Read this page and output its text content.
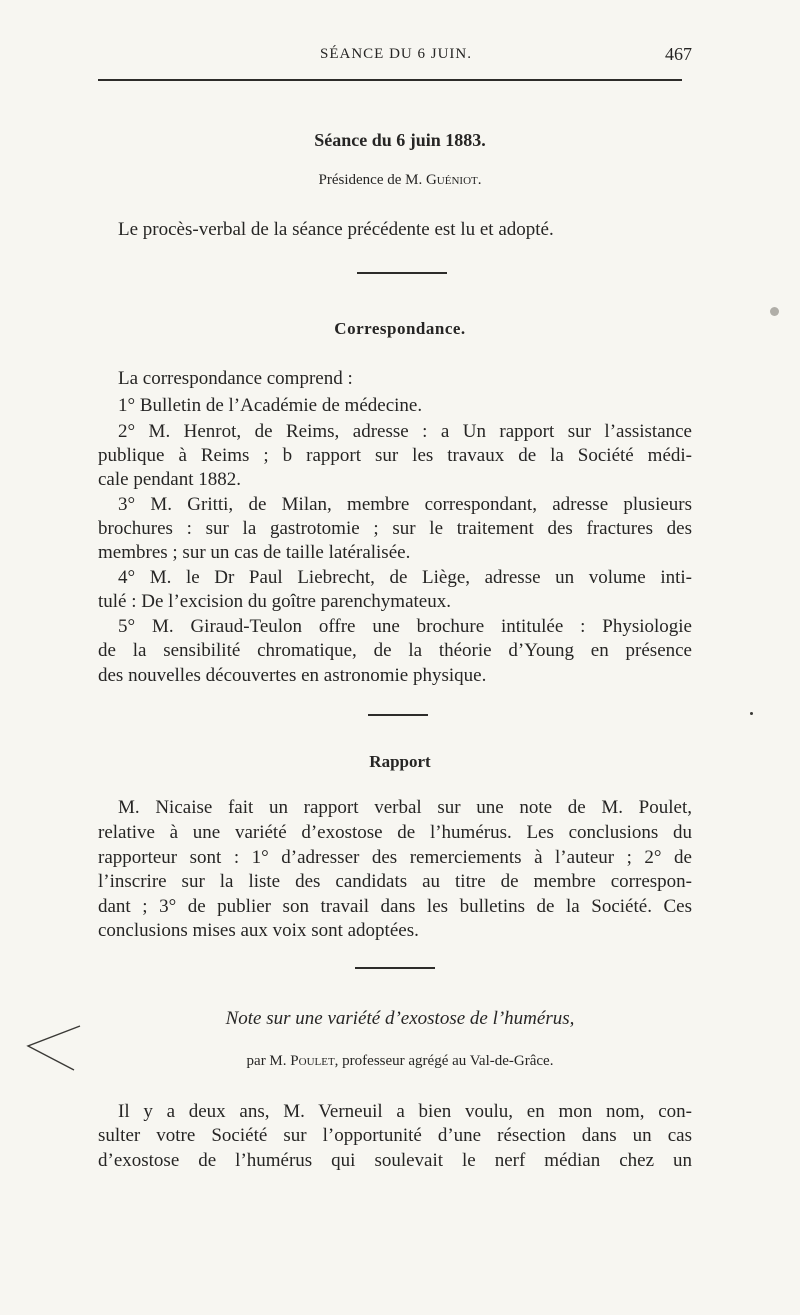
SÉANCE DU 6 JUIN.	467
Séance du 6 juin 1883.
Présidence de M. Guéniot.
Le procès-verbal de la séance précédente est lu et adopté.
Correspondance.
La correspondance comprend :
1° Bulletin de l’Académie de médecine.
2° M. Henrot, de Reims, adresse : a Un rapport sur l’assistance
publique à Reims ; b rapport sur les travaux de la Société médi-
cale pendant 1882.
3° M. Gritti, de Milan, membre correspondant, adresse plusieurs
brochures : sur la gastrotomie ; sur le traitement des fractures des
membres ; sur un cas de taille latéralisée.
4° M. le Dr Paul Liebrecht, de Liège, adresse un volume inti-
tulé : De l’excision du goître parenchymateux.
5° M. Giraud-Teulon offre une brochure intitulée : Physiologie
de la sensibilité chromatique, de la théorie d’Young en présence
des nouvelles découvertes en astronomie physique.
Rapport
M. Nicaise fait un rapport verbal sur une note de M. Poulet,
relative à une variété d’exostose de l’humérus. Les conclusions du
rapporteur sont : 1° d’adresser des remerciements à l’auteur ; 2° de
l’inscrire sur la liste des candidats au titre de membre correspon-
dant ; 3° de publier son travail dans les bulletins de la Société. Ces
conclusions mises aux voix sont adoptées.
Note sur une variété d’exostose de l’humérus,
par M. Poulet, professeur agrégé au Val-de-Grâce.
Il y a deux ans, M. Verneuil a bien voulu, en mon nom, con-
sulter votre Société sur l’opportunité d’une résection dans un cas
d’exostose de l’humérus qui soulevait le nerf médian chez un
